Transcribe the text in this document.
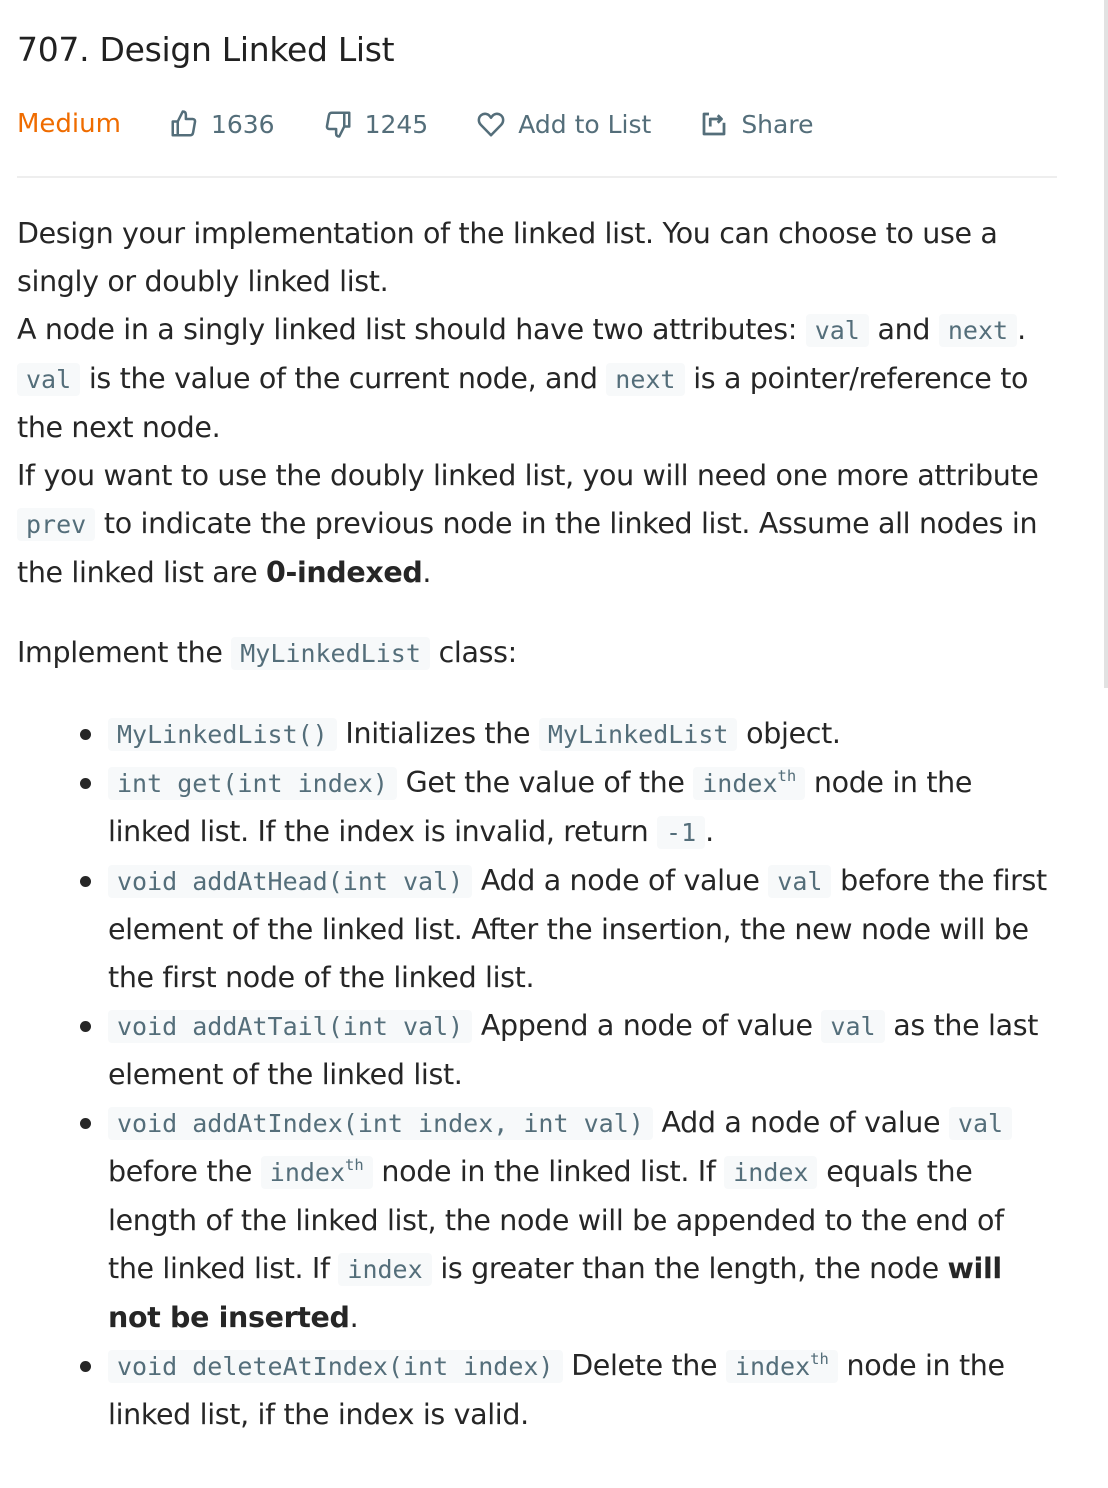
707. Design Linked List
Medium	1636	1245	Add to List	Share

Design your implementation of the linked list. You can choose to use a singly or doubly linked list.

A node in a singly linked list should have two attributes: val and next . val is the value of the current node, and next is a pointer/reference to the next node.

If you want to use the doubly linked list, you will need one more attribute prev to indicate the previous node in the linked list. Assume all nodes in the linked list are 0-indexed.

Implement the MyLinkedList class:

MyLinkedList() Initializes the MyLinkedList object.
int get(int index) Get the value of the index$^{th}$ node in the linked list. If the index is invalid, return -1 .
void addAtHead(int val) Add a node of value val before the first element of the linked list. After the insertion, the new node will be the first node of the linked list.
void addAtTail(int val) Append a node of value val as the last element of the linked list.
void addAtIndex(int index, int val) Add a node of value val before the index$^{th}$ node in the linked list. If index equals the length of the linked list, the node will be appended to the end of the linked list. If index is greater than the length, the node will not be inserted.
void deleteAtIndex(int index) Delete the index$^{th}$ node in the linked list, if the index is valid.
